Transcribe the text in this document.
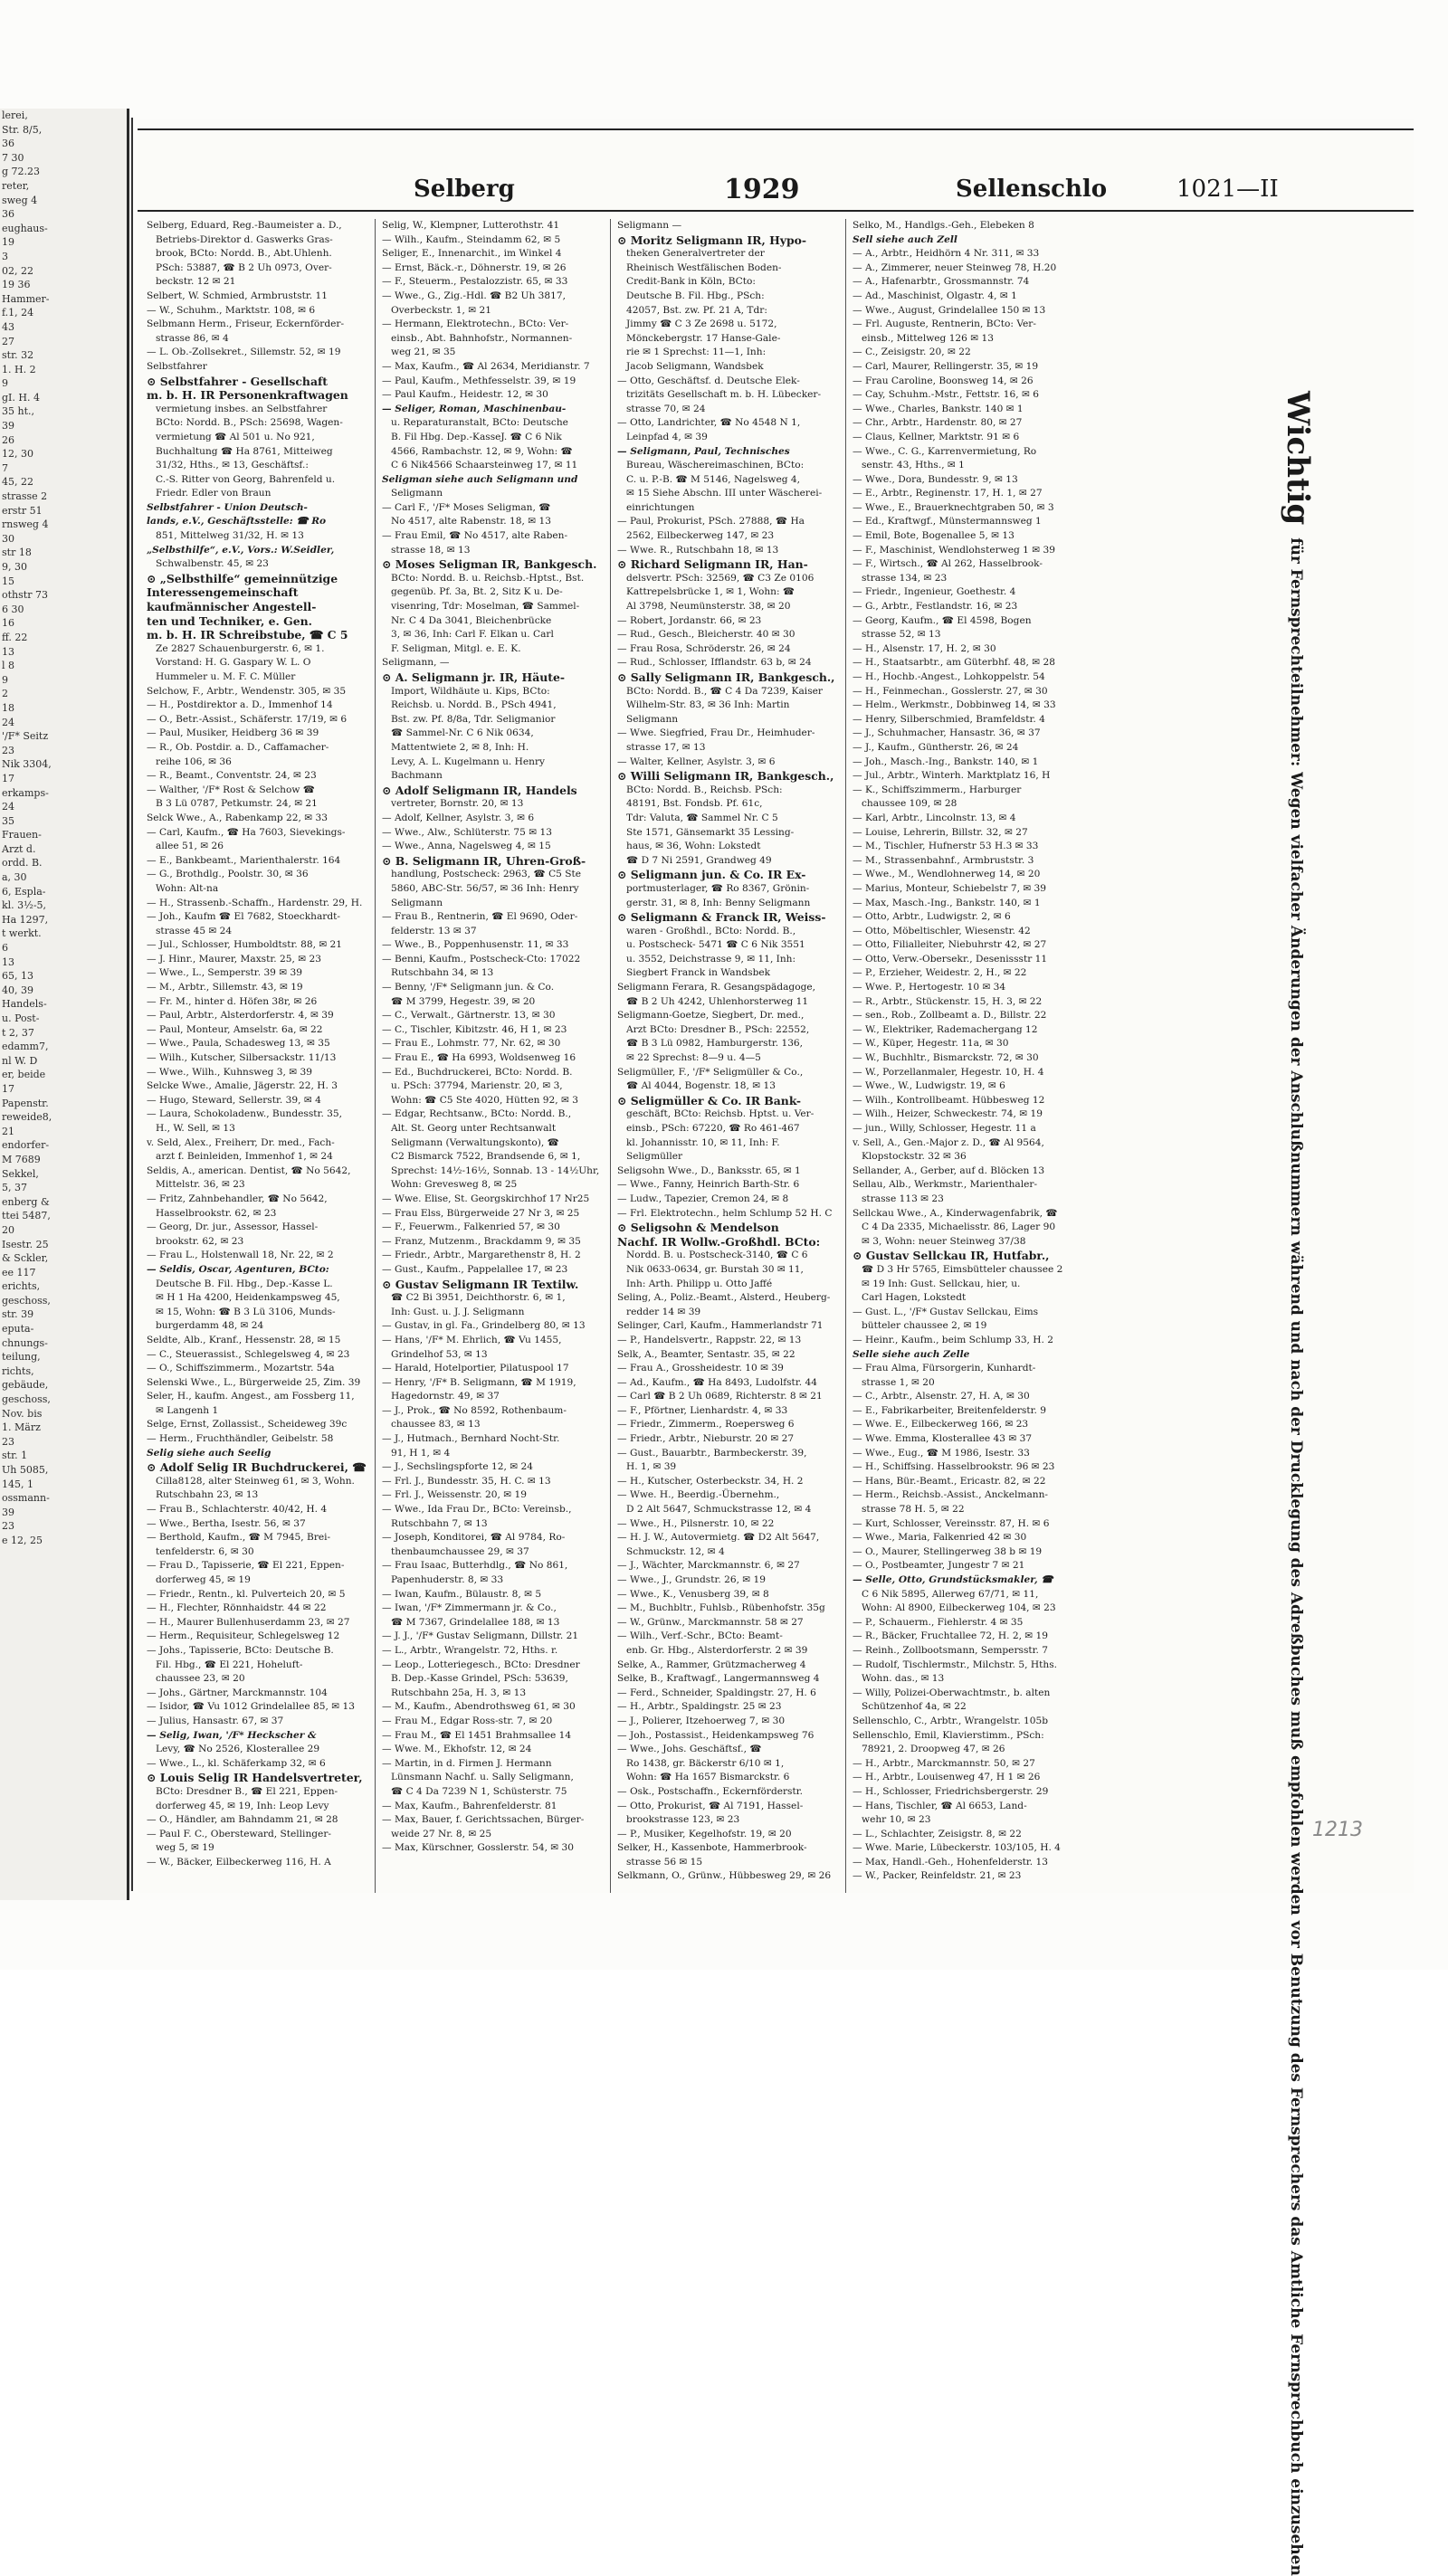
lerei,
Str. 8/5,
36
7 30
g 72.23
reter,
sweg 4
36
eughaus-
19
3
02, 22
19 36
Hammer-
f.1, 24
43
27
str. 32
1. H. 2
9
gI. H. 4
35 ht.,
39
26
12, 30
7
45, 22
strasse 2
erstr 51
rnsweg 4
30
str 18
9, 30
15
othstr 73
6 30
16
ff. 22
13
l 8
9
2
18
24
'/F* Seitz
23
Nik 3304,
17
erkamps-
24
35
Frauen-
Arzt d.
ordd. B.
a, 30
6, Espla-
kl. 3½-5,
Ha 1297,
t werkt.
6
13
65, 13
40, 39
Handels-
u. Post-
t 2, 37
edamm7,
nl W. D
er, beide
17
Papenstr.
reweide8,
21
endorfer-
M 7689
Sekkel,
5, 37
enberg &
ttei 5487,
20
Isestr. 25
& Sckler,
ee 117
erichts,
geschoss,
str. 39
eputa-
chnungs-
teilung,
richts,
gebäude,
geschoss,
Nov. bis
1. März
23
str. 1
Uh 5085,
145, 1
ossmann-
39
23
e 12, 25
Selberg	1929	Sellenschlo	1021—II
Selberg, Eduard, Reg.-Baumeister a. D.,
Betriebs-Direktor d. Gaswerks Gras-
brook, BCto: Nordd. B., Abt.Uhlenh.
PSch: 53887, ☎ B 2 Uh 0973, Over-
beckstr. 12 ✉ 21
Selbert, W. Schmied, Armbruststr. 11
— W., Schuhm., Marktstr. 108, ✉ 6
Selbmann Herm., Friseur, Eckernförder-
strasse 86, ✉ 4
— L. Ob.-Zollsekret., Sillemstr. 52, ✉ 19
Selbstfahrer
⊙ Selbstfahrer - Gesellschaft
m. b. H. IR Personenkraftwagen
vermietung insbes. an Selbstfahrer
BCto: Nordd. B., PSch: 25698, Wagen-
vermietung ☎ Al 501 u. No 921,
Buchhaltung ☎ Ha 8761, Mitteiweg
31/32, Hths., ✉ 13, Geschäftsf.:
C.-S. Ritter von Georg, Bahrenfeld u.
Friedr. Edler von Braun
Selbstfahrer - Union Deutsch-
lands, e.V., Geschäftsstelle: ☎ Ro
851, Mittelweg 31/32, H. ✉ 13
„Selbsthilfe“, e.V., Vors.: W.Seidler,
Schwalbenstr. 45, ✉ 23
⊙ „Selbsthilfe“ gemeinnützige
Interessengemeinschaft
kaufmännischer Angestell-
ten und Techniker, e. Gen.
m. b. H. IR Schreibstube, ☎ C 5
Ze 2827 Schauenburgerstr. 6, ✉ 1.
Vorstand: H. G. Gaspary W. L. O
Hummeler u. M. F. C. Müller
Selchow, F., Arbtr., Wendenstr. 305, ✉ 35
— H., Postdirektor a. D., Immenhof 14
— O., Betr.-Assist., Schäferstr. 17/19, ✉ 6
— Paul, Musiker, Heidberg 36 ✉ 39
— R., Ob. Postdir. a. D., Caffamacher-
reihe 106, ✉ 36
— R., Beamt., Conventstr. 24, ✉ 23
— Walther, '/F* Rost & Selchow ☎
B 3 Lü 0787, Petkumstr. 24, ✉ 21
Selck Wwe., A., Rabenkamp 22, ✉ 33
— Carl, Kaufm., ☎ Ha 7603, Sievekings-
allee 51, ✉ 26
— E., Bankbeamt., Marienthalerstr. 164
— G., Brothdlg., Poolstr. 30, ✉ 36
Wohn: Alt-na
— H., Strassenb.-Schaffn., Hardenstr. 29, H.
— Joh., Kaufm ☎ El 7682, Stoeckhardt-
strasse 45 ✉ 24
— Jul., Schlosser, Humboldtstr. 88, ✉ 21
— J. Hinr., Maurer, Maxstr. 25, ✉ 23
— Wwe., L., Semperstr. 39 ✉ 39
— M., Arbtr., Sillemstr. 43, ✉ 19
— Fr. M., hinter d. Höfen 38r, ✉ 26
— Paul, Arbtr., Alsterdorferstr. 4, ✉ 39
— Paul, Monteur, Amselstr. 6a, ✉ 22
— Wwe., Paula, Schadesweg 13, ✉ 35
— Wilh., Kutscher, Silbersackstr. 11/13
— Wwe., Wilh., Kuhnsweg 3, ✉ 39
Selcke Wwe., Amalie, Jägerstr. 22, H. 3
— Hugo, Steward, Sellerstr. 39, ✉ 4
— Laura, Schokoladenw., Bundesstr. 35,
H., W. Sell, ✉ 13
v. Seld, Alex., Freiherr, Dr. med., Fach-
arzt f. Beinleiden, Immenhof 1, ✉ 24
Seldis, A., american. Dentist, ☎ No 5642,
Mittelstr. 36, ✉ 23
— Fritz, Zahnbehandler, ☎ No 5642,
Hasselbrookstr. 62, ✉ 23
— Georg, Dr. jur., Assessor, Hassel-
brookstr. 62, ✉ 23
— Frau L., Holstenwall 18, Nr. 22, ✉ 2
— Seldis, Oscar, Agenturen, BCto:
Deutsche B. Fil. Hbg., Dep.-Kasse L.
✉ H 1 Ha 4200, Heidenkampsweg 45,
✉ 15, Wohn: ☎ B 3 Lü 3106, Munds-
burgerdamm 48, ✉ 24
Seldte, Alb., Kranf., Hessenstr. 28, ✉ 15
— C., Steuerassist., Schlegelsweg 4, ✉ 23
— O., Schiffszimmerm., Mozartstr. 54a
Selenski Wwe., L., Bürgerweide 25, Zim. 39
Seler, H., kaufm. Angest., am Fossberg 11,
✉ Langenh 1
Selge, Ernst, Zollassist., Scheideweg 39c
— Herm., Fruchthändler, Geibelstr. 58
Selig siehe auch Seelig
⊙ Adolf Selig IR Buchdruckerei, ☎
Cilla8128, alter Steinweg 61, ✉ 3, Wohn.
Rutschbahn 23, ✉ 13
— Frau B., Schlachterstr. 40/42, H. 4
— Wwe., Bertha, Isestr. 56, ✉ 37
— Berthold, Kaufm., ☎ M 7945, Brei-
tenfelderstr. 6, ✉ 30
— Frau D., Tapisserie, ☎ El 221, Eppen-
dorferweg 45, ✉ 19
— Friedr., Rentn., kl. Pulverteich 20, ✉ 5
— H., Flechter, Rönnhaidstr. 44 ✉ 22
— H., Maurer Bullenhuserdamm 23, ✉ 27
— Herm., Requisiteur, Schlegelsweg 12
— Johs., Tapisserie, BCto: Deutsche B.
Fil. Hbg., ☎ El 221, Hoheluft-
chaussee 23, ✉ 20
— Johs., Gärtner, Marckmannstr. 104
— Isidor, ☎ Vu 1012 Grindelallee 85, ✉ 13
— Julius, Hansastr. 67, ✉ 37
— Selig, Iwan, '/F* Heckscher &
Levy, ☎ No 2526, Klosterallee 29
— Wwe., L., kl. Schäferkamp 32, ✉ 6
⊙ Louis Selig IR Handelsvertreter,
BCto: Dresdner B., ☎ El 221, Eppen-
dorferweg 45, ✉ 19, Inh: Leop Levy
— O., Händler, am Bahndamm 21, ✉ 28
— Paul F. C., Obersteward, Stellinger-
weg 5, ✉ 19
— W., Bäcker, Eilbeckerweg 116, H. A
Selig, W., Klempner, Lutterothstr. 41
— Wilh., Kaufm., Steindamm 62, ✉ 5
Seliger, E., Innenarchit., im Winkel 4
— Ernst, Bäck.-r., Döhnerstr. 19, ✉ 26
— F., Steuerm., Pestalozzistr. 65, ✉ 33
— Wwe., G., Zig.-Hdl. ☎ B2 Uh 3817,
Overbeckstr. 1, ✉ 21
— Hermann, Elektrotechn., BCto: Ver-
einsb., Abt. Bahnhofstr., Normannen-
weg 21, ✉ 35
— Max, Kaufm., ☎ Al 2634, Meridianstr. 7
— Paul, Kaufm., Methfesselstr. 39, ✉ 19
— Paul Kaufm., Heidestr. 12, ✉ 30
— Seliger, Roman, Maschinenbau-
u. Reparaturanstalt, BCto: Deutsche
B. Fil Hbg. Dep.-KasseJ. ☎ C 6 Nik
4566, Rambachstr. 12, ✉ 9, Wohn: ☎
C 6 Nik4566 Schaarsteinweg 17, ✉ 11
Seligman siehe auch Seligmann und
Seligmann
— Carl F., '/F* Moses Seligman, ☎
No 4517, alte Rabenstr. 18, ✉ 13
— Frau Emil, ☎ No 4517, alte Raben-
strasse 18, ✉ 13
⊙ Moses Seligman IR, Bankgesch.
BCto: Nordd. B. u. Reichsb.-Hptst., Bst.
gegenüb. Pf. 3a, Bt. 2, Sitz K u. De-
visenring, Tdr: Moselman, ☎ Sammel-
Nr. C 4 Da 3041, Bleichenbrücke
3, ✉ 36, Inh: Carl F. Elkan u. Carl
F. Seligman, Mitgl. e. E. K.
Seligmann, —
⊙ A. Seligmann jr. IR, Häute-
Import, Wildhäute u. Kips, BCto:
Reichsb. u. Nordd. B., PSch 4941,
Bst. zw. Pf. 8/8a, Tdr. Seligmanior
☎ Sammel-Nr. C 6 Nik 0634,
Mattentwiete 2, ✉ 8, Inh: H.
Levy, A. L. Kugelmann u. Henry
Bachmann
⊙ Adolf Seligmann IR, Handels
vertreter, Bornstr. 20, ✉ 13
— Adolf, Kellner, Asylstr. 3, ✉ 6
— Wwe., Alw., Schlüterstr. 75 ✉ 13
— Wwe., Anna, Nagelsweg 4, ✉ 15
⊙ B. Seligmann IR, Uhren-Groß-
handlung, Postscheck: 2963, ☎ C5 Ste
5860, ABC-Str. 56/57, ✉ 36 Inh: Henry
Seligmann
— Frau B., Rentnerin, ☎ El 9690, Oder-
felderstr. 13 ✉ 37
— Wwe., B., Poppenhusenstr. 11, ✉ 33
— Benni, Kaufm., Postscheck-Cto: 17022
Rutschbahn 34, ✉ 13
— Benny, '/F* Seligmann jun. & Co.
☎ M 3799, Hegestr. 39, ✉ 20
— C., Verwalt., Gärtnerstr. 13, ✉ 30
— C., Tischler, Kibitzstr. 46, H 1, ✉ 23
— Frau E., Lohmstr. 77, Nr. 62, ✉ 30
— Frau E., ☎ Ha 6993, Woldsenweg 16
— Ed., Buchdruckerei, BCto: Nordd. B.
u. PSch: 37794, Marienstr. 20, ✉ 3,
Wohn: ☎ C5 Ste 4020, Hütten 92, ✉ 3
— Edgar, Rechtsanw., BCto: Nordd. B.,
Alt. St. Georg unter Rechtsanwalt
Seligmann (Verwaltungskonto), ☎
C2 Bismarck 7522, Brandsende 6, ✉ 1,
Sprechst: 14½-16½, Sonnab. 13 - 14½Uhr,
Wohn: Grevesweg 8, ✉ 25
— Wwe. Elise, St. Georgskirchhof 17 Nr25
— Frau Elss, Bürgerweide 27 Nr 3, ✉ 25
— F., Feuerwm., Falkenried 57, ✉ 30
— Franz, Mutzenm., Brackdamm 9, ✉ 35
— Friedr., Arbtr., Margarethenstr 8, H. 2
— Gust., Kaufm., Pappelallee 17, ✉ 23
⊙ Gustav Seligmann IR Textilw.
☎ C2 Bi 3951, Deichthorstr. 6, ✉ 1,
Inh: Gust. u. J. J. Seligmann
— Gustav, in gl. Fa., Grindelberg 80, ✉ 13
— Hans, '/F* M. Ehrlich, ☎ Vu 1455,
Grindelhof 53, ✉ 13
— Harald, Hotelportier, Pilatuspool 17
— Henry, '/F* B. Seligmann, ☎ M 1919,
Hagedornstr. 49, ✉ 37
— J., Prok., ☎ No 8592, Rothenbaum-
chaussee 83, ✉ 13
— J., Hutmach., Bernhard Nocht-Str.
91, H 1, ✉ 4
— J., Sechslingspforte 12, ✉ 24
— Frl. J., Bundesstr. 35, H. C. ✉ 13
— Frl. J., Weissenstr. 20, ✉ 19
— Wwe., Ida Frau Dr., BCto: Vereinsb.,
Rutschbahn 7, ✉ 13
— Joseph, Konditorei, ☎ Al 9784, Ro-
thenbaumchaussee 29, ✉ 37
— Frau Isaac, Butterhdlg., ☎ No 861,
Papenhuderstr. 8, ✉ 33
— Iwan, Kaufm., Bülaustr. 8, ✉ 5
— Iwan, '/F* Zimmermann jr. & Co.,
☎ M 7367, Grindelallee 188, ✉ 13
— J. J., '/F* Gustav Seligmann, Dillstr. 21
— L., Arbtr., Wrangelstr. 72, Hths. r.
— Leop., Lotteriegesch., BCto: Dresdner
B. Dep.-Kasse Grindel, PSch: 53639,
Rutschbahn 25a, H. 3, ✉ 13
— M., Kaufm., Abendrothsweg 61, ✉ 30
— Frau M., Edgar Ross-str. 7, ✉ 20
— Frau M., ☎ El 1451 Brahmsallee 14
— Wwe. M., Ekhofstr. 12, ✉ 24
— Martin, in d. Firmen J. Hermann
Lünsmann Nachf. u. Sally Seligmann,
☎ C 4 Da 7239 N 1, Schüsterstr. 75
— Max, Kaufm., Bahrenfelderstr. 81
— Max, Bauer, f. Gerichtssachen, Bürger-
weide 27 Nr. 8, ✉ 25
— Max, Kürschner, Gosslerstr. 54, ✉ 30
Seligmann —
⊙ Moritz Seligmann IR, Hypo-
theken Generalvertreter der
Rheinisch Westfälischen Boden-
Credit-Bank in Köln, BCto:
Deutsche B. Fil. Hbg., PSch:
42057, Bst. zw. Pf. 21 A, Tdr:
Jimmy ☎ C 3 Ze 2698 u. 5172,
Mönckebergstr. 17 Hanse-Gale-
rie ✉ 1 Sprechst: 11—1, Inh:
Jacob Seligmann, Wandsbek
— Otto, Geschäftsf. d. Deutsche Elek-
trizitäts Gesellschaft m. b. H. Lübecker-
strasse 70, ✉ 24
— Otto, Landrichter, ☎ No 4548 N 1,
Leinpfad 4, ✉ 39
— Seligmann, Paul, Technisches
Bureau, Wäschereimaschinen, BCto:
C. u. P.-B. ☎ M 5146, Nagelsweg 4,
✉ 15 Siehe Abschn. III unter Wäscherei-
einrichtungen
— Paul, Prokurist, PSch. 27888, ☎ Ha
2562, Eilbeckerweg 147, ✉ 23
— Wwe. R., Rutschbahn 18, ✉ 13
⊙ Richard Seligmann IR, Han-
delsvertr. PSch: 32569, ☎ C3 Ze 0106
Kattrepelsbrücke 1, ✉ 1, Wohn: ☎
Al 3798, Neumünsterstr. 38, ✉ 20
— Robert, Jordanstr. 66, ✉ 23
— Rud., Gesch., Bleicherstr. 40 ✉ 30
— Frau Rosa, Schröderstr. 26, ✉ 24
— Rud., Schlosser, Ifflandstr. 63 b, ✉ 24
⊙ Sally Seligmann IR, Bankgesch.,
BCto: Nordd. B., ☎ C 4 Da 7239, Kaiser
Wilhelm-Str. 83, ✉ 36 Inh: Martin
Seligmann
— Wwe. Siegfried, Frau Dr., Heimhuder-
strasse 17, ✉ 13
— Walter, Kellner, Asylstr. 3, ✉ 6
⊙ Willi Seligmann IR, Bankgesch.,
BCto: Nordd. B., Reichsb. PSch:
48191, Bst. Fondsb. Pf. 61c,
Tdr: Valuta, ☎ Sammel Nr. C 5
Ste 1571, Gänsemarkt 35 Lessing-
haus, ✉ 36, Wohn: Lokstedt
☎ D 7 Ni 2591, Grandweg 49
⊙ Seligmann jun. & Co. IR Ex-
portmusterlager, ☎ Ro 8367, Grönin-
gerstr. 31, ✉ 8, Inh: Benny Seligmann
⊙ Seligmann & Franck IR, Weiss-
waren - Großhdl., BCto: Nordd. B.,
u. Postscheck- 5471 ☎ C 6 Nik 3551
u. 3552, Deichstrasse 9, ✉ 11, Inh:
Siegbert Franck in Wandsbek
Seligmann Ferara, R. Gesangspädagoge,
☎ B 2 Uh 4242, Uhlenhorsterweg 11
Seligmann-Goetze, Siegbert, Dr. med.,
Arzt BCto: Dresdner B., PSch: 22552,
☎ B 3 Lü 0982, Hamburgerstr. 136,
✉ 22 Sprechst: 8—9 u. 4—5
Seligmüller, F., '/F* Seligmüller & Co.,
☎ Al 4044, Bogenstr. 18, ✉ 13
⊙ Seligmüller & Co. IR Bank-
geschäft, BCto: Reichsb. Hptst. u. Ver-
einsb., PSch: 67220, ☎ Ro 461-467
kl. Johannisstr. 10, ✉ 11, Inh: F.
Seligmüller
Seligsohn Wwe., D., Banksstr. 65, ✉ 1
— Wwe., Fanny, Heinrich Barth-Str. 6
— Ludw., Tapezier, Cremon 24, ✉ 8
— Frl. Elektrotechn., helm Schlump 52 H. C
⊙ Seligsohn & Mendelson
Nachf. IR Wollw.-Großhdl. BCto:
Nordd. B. u. Postscheck-3140, ☎ C 6
Nik 0633-0634, gr. Burstah 30 ✉ 11,
Inh: Arth. Philipp u. Otto Jaffé
Seling, A., Poliz.-Beamt., Alsterd., Heuberg-
redder 14 ✉ 39
Selinger, Carl, Kaufm., Hammerlandstr 71
— P., Handelsvertr., Rappstr. 22, ✉ 13
Selk, A., Beamter, Sentastr. 35, ✉ 22
— Frau A., Grossheidestr. 10 ✉ 39
— Ad., Kaufm., ☎ Ha 8493, Ludolfstr. 44
— Carl ☎ B 2 Uh 0689, Richterstr. 8 ✉ 21
— F., Pförtner, Lienhardstr. 4, ✉ 33
— Friedr., Zimmerm., Roepersweg 6
— Friedr., Arbtr., Nieburstr. 20 ✉ 27
— Gust., Bauarbtr., Barmbeckerstr. 39,
H. 1, ✉ 39
— H., Kutscher, Osterbeckstr. 34, H. 2
— Wwe. H., Beerdig.-Übernehm.,
D 2 Alt 5647, Schmuckstrasse 12, ✉ 4
— Wwe., H., Pilsnerstr. 10, ✉ 22
— H. J. W., Autovermietg. ☎ D2 Alt 5647,
Schmuckstr. 12, ✉ 4
— J., Wächter, Marckmannstr. 6, ✉ 27
— Wwe., J., Grundstr. 26, ✉ 19
— Wwe., K., Venusberg 39, ✉ 8
— M., Buchbltr., Fuhlsb., Rübenhofstr. 35g
— W., Grünw., Marckmannstr. 58 ✉ 27
— Wilh., Verf.-Schr., BCto: Beamt-
enb. Gr. Hbg., Alsterdorferstr. 2 ✉ 39
Selke, A., Rammer, Grützmacherweg 4
Selke, B., Kraftwagf., Langermannsweg 4
— Ferd., Schneider, Spaldingstr. 27, H. 6
— H., Arbtr., Spaldingstr. 25 ✉ 23
— J., Polierer, Itzehoerweg 7, ✉ 30
— Joh., Postassist., Heidenkampsweg 76
— Wwe., Johs. Geschäftsf., ☎
Ro 1438, gr. Bäckerstr 6/10 ✉ 1,
Wohn: ☎ Ha 1657 Bismarckstr. 6
— Osk., Postschaffn., Eckernförderstr.
— Otto, Prokurist, ☎ Al 7191, Hassel-
brookstrasse 123, ✉ 23
— P., Musiker, Kegelhofstr. 19, ✉ 20
Selker, H., Kassenbote, Hammerbrook-
strasse 56 ✉ 15
Selkmann, O., Grünw., Hübbesweg 29, ✉ 26
Selko, M., Handlgs.-Geh., Elebeken 8
Sell siehe auch Zell
— A., Arbtr., Heidhörn 4 Nr. 311, ✉ 33
— A., Zimmerer, neuer Steinweg 78, H.20
— A., Hafenarbtr., Grossmannstr. 74
— Ad., Maschinist, Olgastr. 4, ✉ 1
— Wwe., August, Grindelallee 150 ✉ 13
— Frl. Auguste, Rentnerin, BCto: Ver-
einsb., Mittelweg 126 ✉ 13
— C., Zeisigstr. 20, ✉ 22
— Carl, Maurer, Rellingerstr. 35, ✉ 19
— Frau Caroline, Boonsweg 14, ✉ 26
— Cay, Schuhm.-Mstr., Fettstr. 16, ✉ 6
— Wwe., Charles, Bankstr. 140 ✉ 1
— Chr., Arbtr., Hardenstr. 80, ✉ 27
— Claus, Kellner, Marktstr. 91 ✉ 6
— Wwe., C. G., Karrenvermietung, Ro
senstr. 43, Hths., ✉ 1
— Wwe., Dora, Bundesstr. 9, ✉ 13
— E., Arbtr., Reginenstr. 17, H. 1, ✉ 27
— Wwe., E., Brauerknechtgraben 50, ✉ 3
— Ed., Kraftwgf., Münstermannsweg 1
— Emil, Bote, Bogenallee 5, ✉ 13
— F., Maschinist, Wendlohsterweg 1 ✉ 39
— F., Wirtsch., ☎ Al 262, Hasselbrook-
strasse 134, ✉ 23
— Friedr., Ingenieur, Goethestr. 4
— G., Arbtr., Festlandstr. 16, ✉ 23
— Georg, Kaufm., ☎ El 4598, Bogen
strasse 52, ✉ 13
— H., Alsenstr. 17, H. 2, ✉ 30
— H., Staatsarbtr., am Güterbhf. 48, ✉ 28
— H., Hochb.-Angest., Lohkoppelstr. 54
— H., Feinmechan., Gosslerstr. 27, ✉ 30
— Helm., Werkmstr., Dobbinweg 14, ✉ 33
— Henry, Silberschmied, Bramfeldstr. 4
— J., Schuhmacher, Hansastr. 36, ✉ 37
— J., Kaufm., Güntherstr. 26, ✉ 24
— Joh., Masch.-Ing., Bankstr. 140, ✉ 1
— Jul., Arbtr., Winterh. Marktplatz 16, H
— K., Schiffszimmerm., Harburger
chaussee 109, ✉ 28
— Karl, Arbtr., Lincolnstr. 13, ✉ 4
— Louise, Lehrerin, Billstr. 32, ✉ 27
— M., Tischler, Hufnerstr 53 H.3 ✉ 33
— M., Strassenbahnf., Armbruststr. 3
— Wwe., M., Wendlohnerweg 14, ✉ 20
— Marius, Monteur, Schiebelstr 7, ✉ 39
— Max, Masch.-Ing., Bankstr. 140, ✉ 1
— Otto, Arbtr., Ludwigstr. 2, ✉ 6
— Otto, Möbeltischler, Wiesenstr. 42
— Otto, Filialleiter, Niebuhrstr 42, ✉ 27
— Otto, Verw.-Obersekr., Desenissstr 11
— P., Erzieher, Weidestr. 2, H., ✉ 22
— Wwe. P., Hertogestr. 10 ✉ 34
— R., Arbtr., Stückenstr. 15, H. 3, ✉ 22
— sen., Rob., Zollbeamt a. D., Billstr. 22
— W., Elektriker, Rademachergang 12
— W., Küper, Hegestr. 11a, ✉ 30
— W., Buchhltr., Bismarckstr. 72, ✉ 30
— W., Porzellanmaler, Hegestr. 10, H. 4
— Wwe., W., Ludwigstr. 19, ✉ 6
— Wilh., Kontrollbeamt. Hübbesweg 12
— Wilh., Heizer, Schweckestr. 74, ✉ 19
— jun., Willy, Schlosser, Hegestr. 11 a
v. Sell, A., Gen.-Major z. D., ☎ Al 9564,
Klopstockstr. 32 ✉ 36
Sellander, A., Gerber, auf d. Blöcken 13
Sellau, Alb., Werkmstr., Marienthaler-
strasse 113 ✉ 23
Sellckau Wwe., A., Kinderwagenfabrik, ☎
C 4 Da 2335, Michaelisstr. 86, Lager 90
✉ 3, Wohn: neuer Steinweg 37/38
⊙ Gustav Sellckau IR, Hutfabr.,
☎ D 3 Hr 5765, Eimsbütteler chaussee 2
✉ 19 Inh: Gust. Sellckau, hier, u.
Carl Hagen, Lokstedt
— Gust. L., '/F* Gustav Sellckau, Eims
bütteler chaussee 2, ✉ 19
— Heinr., Kaufm., beim Schlump 33, H. 2
Selle siehe auch Zelle
— Frau Alma, Fürsorgerin, Kunhardt-
strasse 1, ✉ 20
— C., Arbtr., Alsenstr. 27, H. A, ✉ 30
— E., Fabrikarbeiter, Breitenfelderstr. 9
— Wwe. E., Eilbeckerweg 166, ✉ 23
— Wwe. Emma, Klosterallee 43 ✉ 37
— Wwe., Eug., ☎ M 1986, Isestr. 33
— H., Schiffsing. Hasselbrookstr. 96 ✉ 23
— Hans, Bür.-Beamt., Ericastr. 82, ✉ 22
— Herm., Reichsb.-Assist., Anckelmann-
strasse 78 H. 5, ✉ 22
— Kurt, Schlosser, Vereinsstr. 87, H. ✉ 6
— Wwe., Maria, Falkenried 42 ✉ 30
— O., Maurer, Stellingerweg 38 b ✉ 19
— O., Postbeamter, Jungestr 7 ✉ 21
— Selle, Otto, Grundstücksmakler, ☎
C 6 Nik 5895, Allerweg 67/71, ✉ 11,
Wohn: Al 8900, Eilbeckerweg 104, ✉ 23
— P., Schauerm., Fiehlerstr. 4 ✉ 35
— R., Bäcker, Fruchtallee 72, H. 2, ✉ 19
— Reinh., Zollbootsmann, Sempersstr. 7
— Rudolf, Tischlermstr., Milchstr. 5, Hths.
Wohn. das., ✉ 13
— Willy, Polizei-Oberwachtmstr., b. alten
Schützenhof 4a, ✉ 22
Sellenschlo, C., Arbtr., Wrangelstr. 105b
Sellenschlo, Emil, Klavierstimm., PSch:
78921, 2. Droopweg 47, ✉ 26
— H., Arbtr., Marckmannstr. 50, ✉ 27
— H., Arbtr., Louisenweg 47, H 1 ✉ 26
— H., Schlosser, Friedrichsbergerstr. 29
— Hans, Tischler, ☎ Al 6653, Land-
wehr 10, ✉ 23
— L., Schlachter, Zeisigstr. 8, ✉ 22
— Wwe. Marie, Lübeckerstr. 103/105, H. 4
— Max, Handl.-Geh., Hohenfelderstr. 13
— W., Packer, Reinfeldstr. 21, ✉ 23
Wichtig für Fernsprechteilnehmer: Wegen vielfacher Änderungen der Anschlußnummern während und nach der Drucklegung des Adreßbuches muß empfohlen werden vor Benutzung des Fernsprechers das Amtliche Fernsprechbuch einzusehen 1213
